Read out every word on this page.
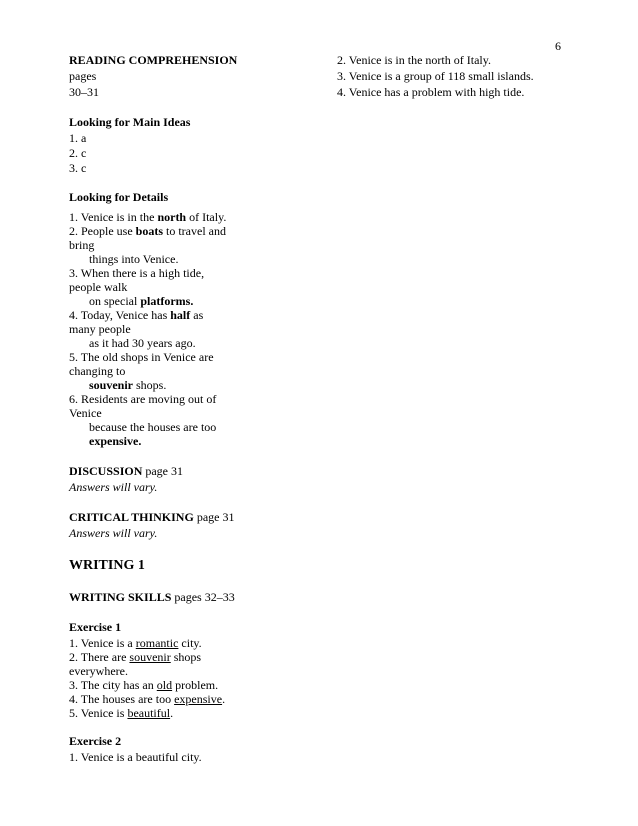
6
READING COMPREHENSION
pages
30–31
Looking for Main Ideas
1. a
2. c
3. c
Looking for Details
1. Venice is in the north of Italy.
2. People use boats to travel and
bring
things into Venice.
3. When there is a high tide,
people walk
on special platforms.
4. Today, Venice has half as
many people
as it had 30 years ago.
5. The old shops in Venice are
changing to
souvenir shops.
6. Residents are moving out of
Venice
because the houses are too
expensive.
DISCUSSION page 31
Answers will vary.
CRITICAL THINKING page 31
Answers will vary.
WRITING 1
WRITING SKILLS pages 32–33
Exercise 1
1. Venice is a romantic city.
2. There are souvenir shops
everywhere.
3. The city has an old problem.
4. The houses are too expensive.
5. Venice is beautiful.
Exercise 2
1. Venice is a beautiful city.
2. Venice is in the north of Italy.
3. Venice is a group of 118 small islands.
4. Venice has a problem with high tide.
